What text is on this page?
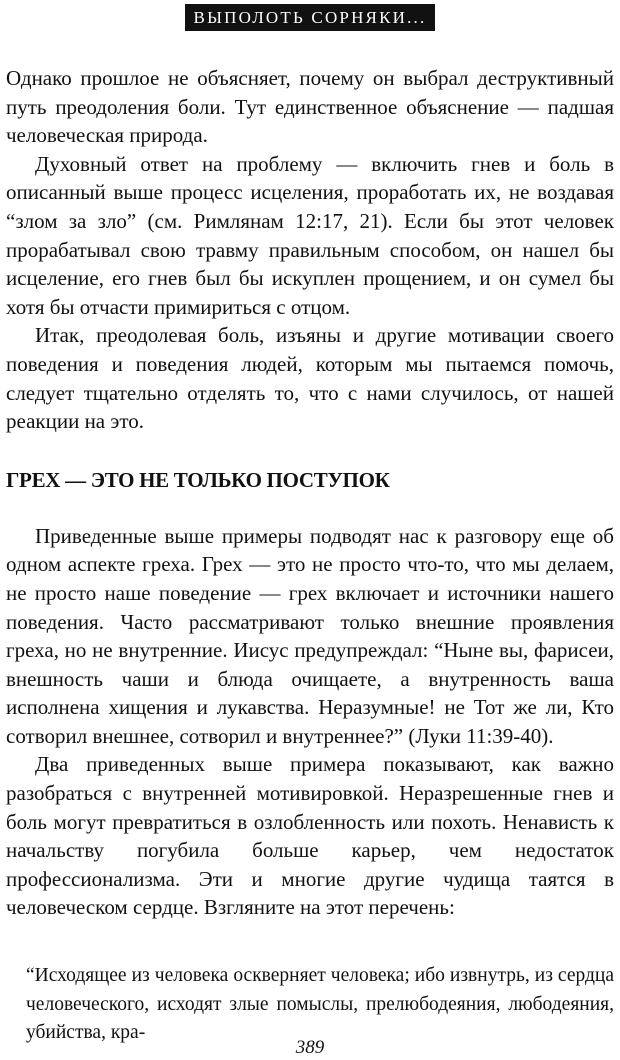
ВЫПОЛОТЬ СОРНЯКИ...

Однако прошлое не объясняет, почему он выбрал деструктивный путь преодоления боли. Тут единственное объяснение — падшая человеческая природа.

Духовный ответ на проблему — включить гнев и боль в описанный выше процесс исцеления, проработать их, не воздавая “злом за зло” (см. Римлянам 12:17, 21). Если бы этот человек прорабатывал свою травму правильным способом, он нашел бы исцеление, его гнев был бы искуплен прощением, и он сумел бы хотя бы отчасти примириться с отцом.

Итак, преодолевая боль, изъяны и другие мотивации своего поведения и поведения людей, которым мы пытаемся помочь, следует тщательно отделять то, что с нами случилось, от нашей реакции на это.

ГРЕХ — ЭТО НЕ ТОЛЬКО ПОСТУПОК

Приведенные выше примеры подводят нас к разговору еще об одном аспекте греха. Грех — это не просто что-то, что мы делаем, не просто наше поведение — грех включает и источники нашего поведения. Часто рассматривают только внешние проявления греха, но не внутренние. Иисус предупреждал: “Ныне вы, фарисеи, внешность чаши и блюда очищаете, а внутренность ваша исполнена хищения и лукавства. Неразумные! не Тот же ли, Кто сотворил внешнее, сотворил и внутреннее?” (Луки 11:39-40).

Два приведенных выше примера показывают, как важно разобраться с внутренней мотивировкой. Неразрешенные гнев и боль могут превратиться в озлобленность или похоть. Ненависть к начальству погубила больше карьер, чем недостаток профессионализма. Эти и многие другие чудища таятся в человеческом сердце. Взгляните на этот перечень:

“Исходящее из человека оскверняет человека; ибо извнутрь, из сердца человеческого, исходят злые помыслы, прелюбодеяния, любодеяния, убийства, кра-

389
